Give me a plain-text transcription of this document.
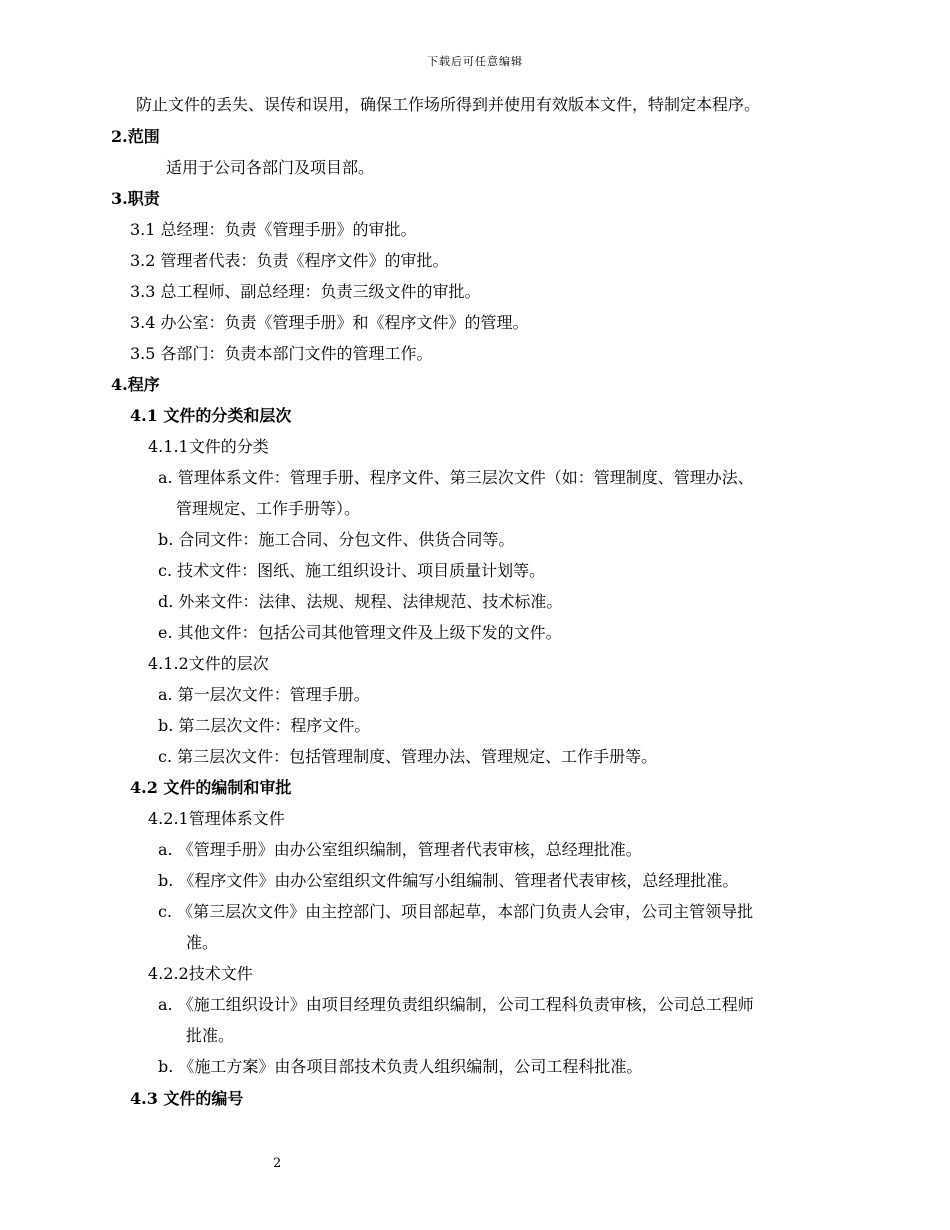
下载后可任意编辑
防止文件的丢失、误传和误用，确保工作场所得到并使用有效版本文件，特制定本程序。
2.范围
适用于公司各部门及项目部。
3.职责
3.1 总经理：负责《管理手册》的审批。
3.2 管理者代表：负责《程序文件》的审批。
3.3 总工程师、副总经理：负责三级文件的审批。
3.4 办公室：负责《管理手册》和《程序文件》的管理。
3.5 各部门：负责本部门文件的管理工作。
4.程序
4.1 文件的分类和层次
4.1.1文件的分类
a. 管理体系文件：管理手册、程序文件、第三层次文件（如：管理制度、管理办法、
管理规定、工作手册等）。
b. 合同文件：施工合同、分包文件、供货合同等。
c. 技术文件：图纸、施工组织设计、项目质量计划等。
d. 外来文件：法律、法规、规程、法律规范、技术标准。
e. 其他文件：包括公司其他管理文件及上级下发的文件。
4.1.2文件的层次
a. 第一层次文件：管理手册。
b. 第二层次文件：程序文件。
c. 第三层次文件：包括管理制度、管理办法、管理规定、工作手册等。
4.2 文件的编制和审批
4.2.1管理体系文件
a. 《管理手册》由办公室组织编制，管理者代表审核，总经理批准。
b. 《程序文件》由办公室组织文件编写小组编制、管理者代表审核，总经理批准。
c. 《第三层次文件》由主控部门、项目部起草，本部门负责人会审，公司主管领导批
准。
4.2.2技术文件
a. 《施工组织设计》由项目经理负责组织编制，公司工程科负责审核，公司总工程师
批准。
b. 《施工方案》由各项目部技术负责人组织编制，公司工程科批准。
4.3 文件的编号
2
